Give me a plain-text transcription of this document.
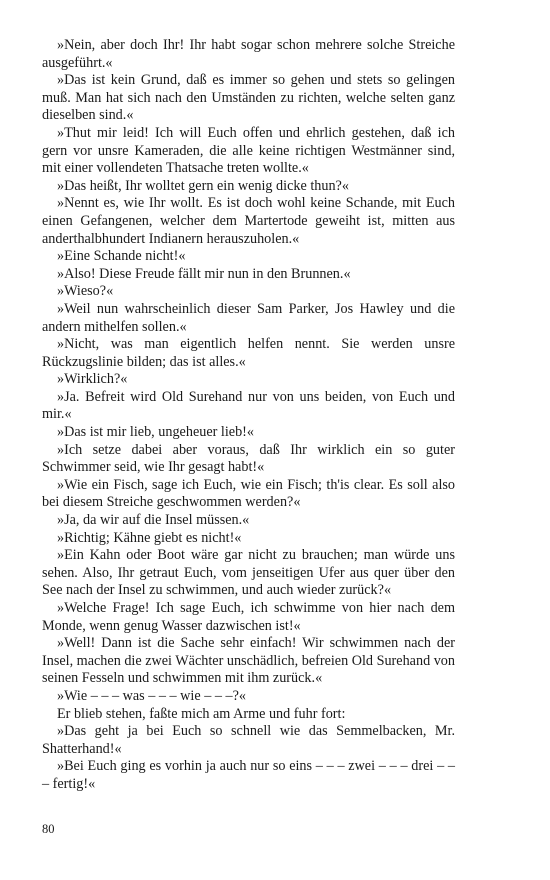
»Nein, aber doch Ihr! Ihr habt sogar schon mehrere solche Streiche ausgeführt.«

»Das ist kein Grund, daß es immer so gehen und stets so gelingen muß. Man hat sich nach den Umständen zu richten, welche selten ganz dieselben sind.«

»Thut mir leid! Ich will Euch offen und ehrlich gestehen, daß ich gern vor unsre Kameraden, die alle keine richtigen Westmänner sind, mit einer vollendeten Thatsache treten wollte.«

»Das heißt, Ihr wolltet gern ein wenig dicke thun?«

»Nennt es, wie Ihr wollt. Es ist doch wohl keine Schande, mit Euch einen Gefangenen, welcher dem Martertode geweiht ist, mitten aus anderthalbhundert Indianern herauszuholen.«

»Eine Schande nicht!«

»Also! Diese Freude fällt mir nun in den Brunnen.«

»Wieso?«

»Weil nun wahrscheinlich dieser Sam Parker, Jos Hawley und die andern mithelfen sollen.«

»Nicht, was man eigentlich helfen nennt. Sie werden unsre Rückzugslinie bilden; das ist alles.«

»Wirklich?«

»Ja. Befreit wird Old Surehand nur von uns beiden, von Euch und mir.«

»Das ist mir lieb, ungeheuer lieb!«

»Ich setze dabei aber voraus, daß Ihr wirklich ein so guter Schwimmer seid, wie Ihr gesagt habt!«

»Wie ein Fisch, sage ich Euch, wie ein Fisch; th'is clear. Es soll also bei diesem Streiche geschwommen werden?«

»Ja, da wir auf die Insel müssen.«

»Richtig; Kähne giebt es nicht!«

»Ein Kahn oder Boot wäre gar nicht zu brauchen; man würde uns sehen. Also, Ihr getraut Euch, vom jenseitigen Ufer aus quer über den See nach der Insel zu schwimmen, und auch wieder zurück?«

»Welche Frage! Ich sage Euch, ich schwimme von hier nach dem Monde, wenn genug Wasser dazwischen ist!«

»Well! Dann ist die Sache sehr einfach! Wir schwimmen nach der Insel, machen die zwei Wächter unschädlich, befreien Old Surehand von seinen Fesseln und schwimmen mit ihm zurück.«

»Wie – – – was – – – wie – – –?«

Er blieb stehen, faßte mich am Arme und fuhr fort:

»Das geht ja bei Euch so schnell wie das Semmelbacken, Mr. Shatterhand!«

»Bei Euch ging es vorhin ja auch nur so eins – – – zwei – – – drei – – – fertig!«

80
